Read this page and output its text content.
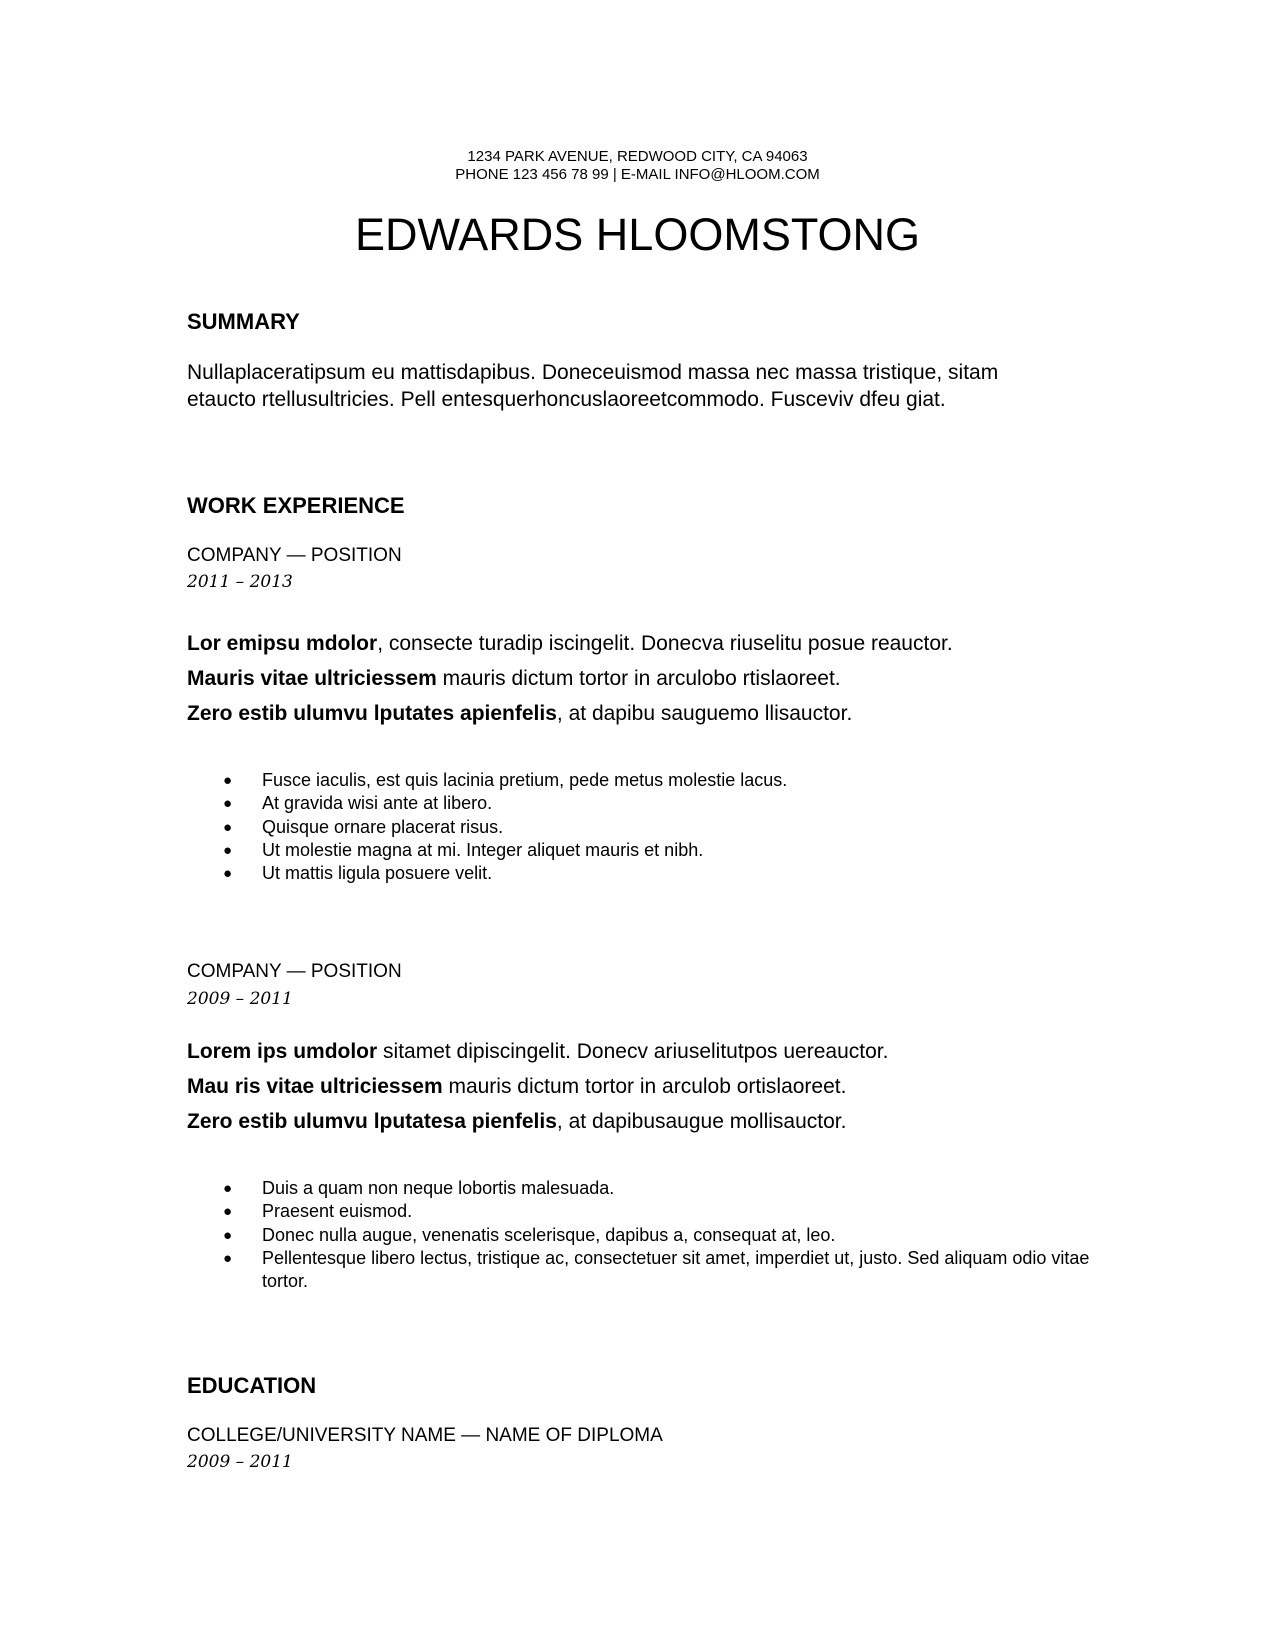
1234 PARK AVENUE, REDWOOD CITY, CA 94063
PHONE 123 456 78 99 | E-MAIL INFO@HLOOM.COM
EDWARDS HLOOMSTONG
SUMMARY
Nullaplaceratipsum eu mattisdapibus. Doneceuismod massa nec massa tristique, sitam
etaucto rtellusultricies. Pell entesquerhoncuslaoreetcommodo. Fusceviv dfeu giat.
WORK EXPERIENCE
COMPANY — POSITION
2011 – 2013
Lor emipsu mdolor, consecte turadip iscingelit. Donecva riuselitu posue reauctor.
Mauris vitae ultriciessem mauris dictum tortor in arculobo rtislaoreet.
Zero estib ulumvu lputates apienfelis, at dapibu sauguemo llisauctor.
● Fusce iaculis, est quis lacinia pretium, pede metus molestie lacus.
● At gravida wisi ante at libero.
● Quisque ornare placerat risus.
● Ut molestie magna at mi. Integer aliquet mauris et nibh.
● Ut mattis ligula posuere velit.
COMPANY — POSITION
2009 – 2011
Lorem ips umdolor sitamet dipiscingelit. Donecv ariuselitutpos uereauctor.
Mau ris vitae ultriciessem mauris dictum tortor in arculob ortislaoreet.
Zero estib ulumvu lputatesa pienfelis, at dapibusaugue mollisauctor.
● Duis a quam non neque lobortis malesuada.
● Praesent euismod.
● Donec nulla augue, venenatis scelerisque, dapibus a, consequat at, leo.
● Pellentesque libero lectus, tristique ac, consectetuer sit amet, imperdiet ut, justo. Sed aliquam odio vitae tortor.
EDUCATION
COLLEGE/UNIVERSITY NAME — NAME OF DIPLOMA
2009 – 2011
